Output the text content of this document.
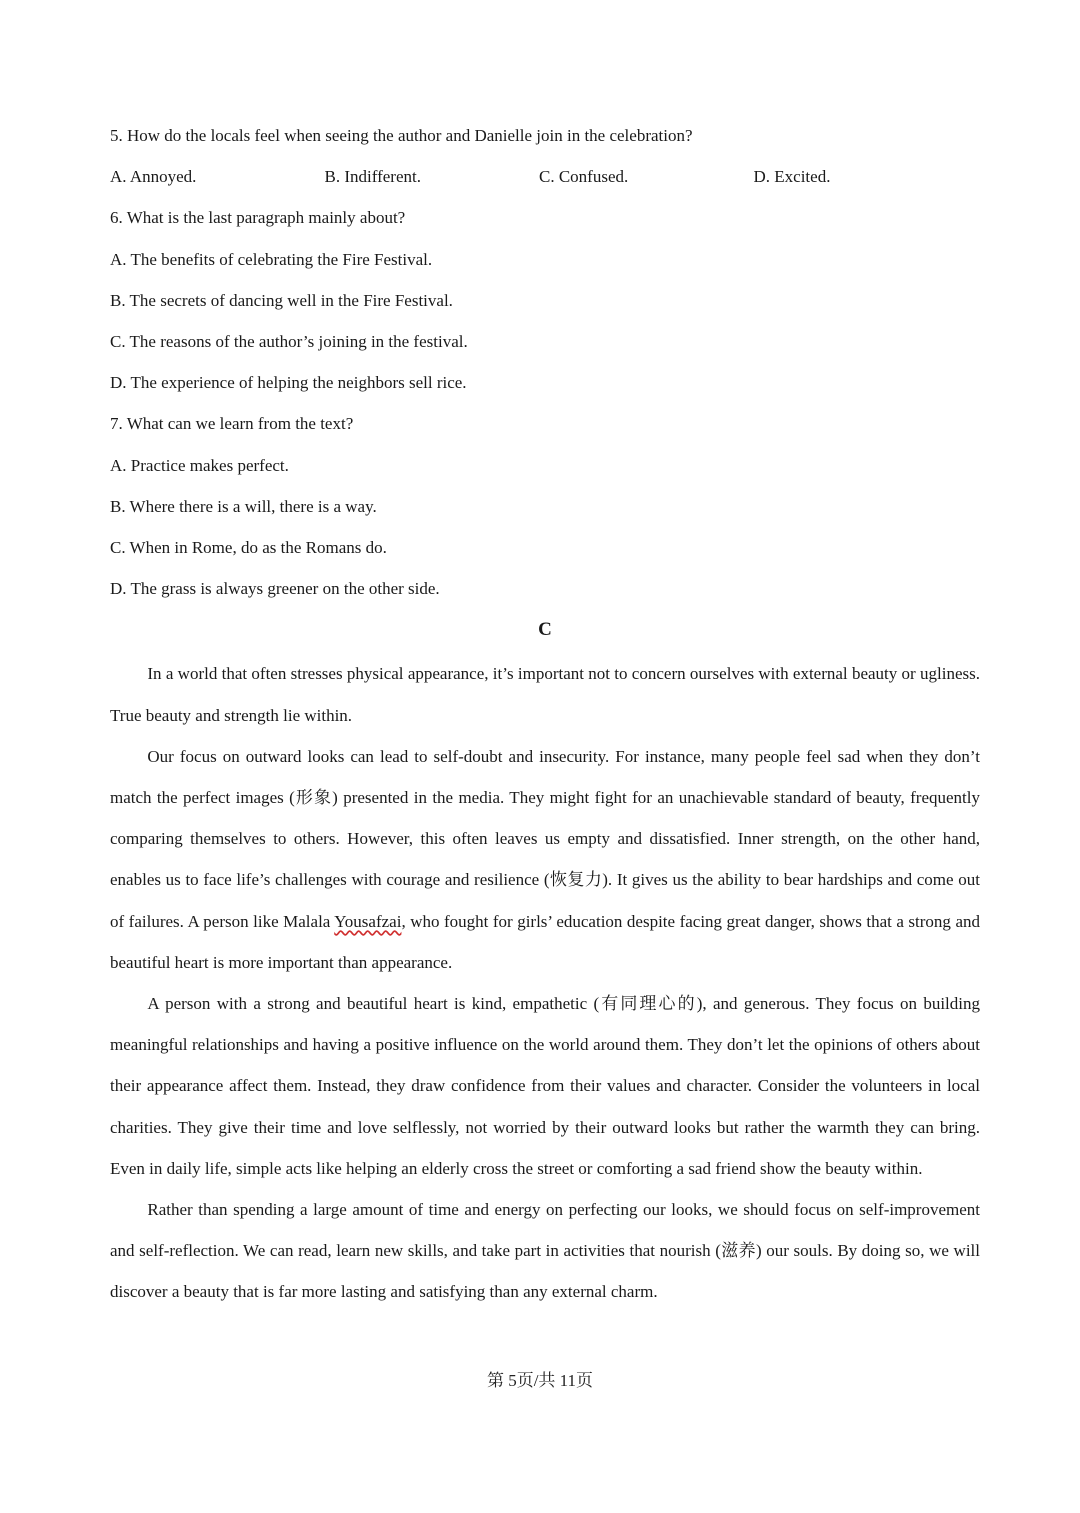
5. How do the locals feel when seeing the author and Danielle join in the celebration?
A. Annoyed.	B. Indifferent.	C. Confused.	D. Excited.
6. What is the last paragraph mainly about?
A. The benefits of celebrating the Fire Festival.
B. The secrets of dancing well in the Fire Festival.
C. The reasons of the author’s joining in the festival.
D. The experience of helping the neighbors sell rice.
7. What can we learn from the text?
A. Practice makes perfect.
B. Where there is a will, there is a way.
C. When in Rome, do as the Romans do.
D. The grass is always greener on the other side.
C

In a world that often stresses physical appearance, it’s important not to concern ourselves with external beauty or ugliness. True beauty and strength lie within.

Our focus on outward looks can lead to self-doubt and insecurity. For instance, many people feel sad when they don’t match the perfect images (形象) presented in the media. They might fight for an unachievable standard of beauty, frequently comparing themselves to others. However, this often leaves us empty and dissatisfied. Inner strength, on the other hand, enables us to face life’s challenges with courage and resilience (恢复力). It gives us the ability to bear hardships and come out of failures. A person like Malala Yousafzai, who fought for girls’ education despite facing great danger, shows that a strong and beautiful heart is more important than appearance.

A person with a strong and beautiful heart is kind, empathetic (有同理心的), and generous. They focus on building meaningful relationships and having a positive influence on the world around them. They don’t let the opinions of others about their appearance affect them. Instead, they draw confidence from their values and character. Consider the volunteers in local charities. They give their time and love selflessly, not worried by their outward looks but rather the warmth they can bring. Even in daily life, simple acts like helping an elderly cross the street or comforting a sad friend show the beauty within.

Rather than spending a large amount of time and energy on perfecting our looks, we should focus on self-improvement and self-reflection. We can read, learn new skills, and take part in activities that nourish (滋养) our souls. By doing so, we will discover a beauty that is far more lasting and satisfying than any external charm.

第 5页/共 11页
